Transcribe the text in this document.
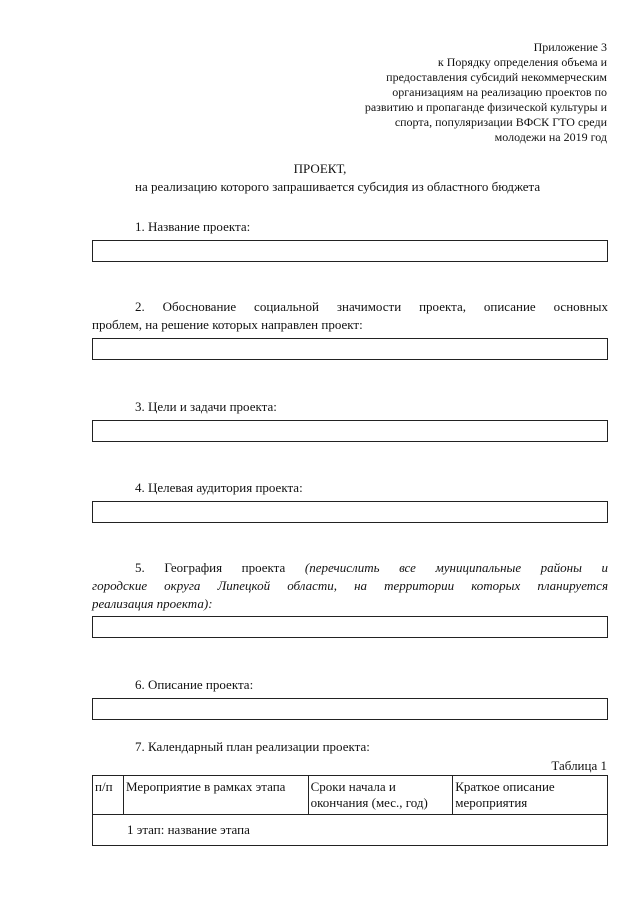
Приложение 3
к Порядку определения объема и
предоставления субсидий некоммерческим
организациям на реализацию проектов по
развитию и пропаганде физической культуры и
спорта, популяризации ВФСК ГТО среди
молодежи на 2019 год
ПРОЕКТ,
на реализацию которого запрашивается субсидия из областного бюджета
1. Название проекта:
2. Обоснование социальной значимости проекта, описание основных
проблем, на решение которых направлен проект:
3. Цели и задачи проекта:
4. Целевая аудитория проекта:
5. География проекта (перечислить все муниципальные районы и
городские округа Липецкой области, на территории которых планируется
реализация проекта):
6. Описание проекта:
7. Календарный план реализации проекта:
Таблица 1
п/п	Мероприятие в рамках этапа	Сроки начала и окончания (мес., год)	Краткое описание мероприятия
1 этап: название этапа
